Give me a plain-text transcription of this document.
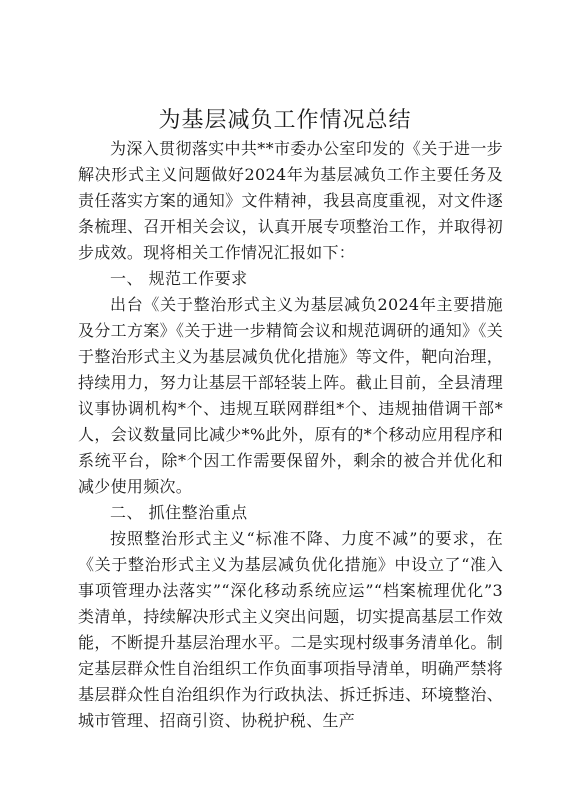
为基层减负工作情况总结

为深入贯彻落实中共**市委办公室印发的《关于进一步解决形式主义问题做好2024年为基层减负工作主要任务及责任落实方案的通知》文件精神，我县高度重视，对文件逐条梳理、召开相关会议，认真开展专项整治工作，并取得初步成效。现将相关工作情况汇报如下：

一、 规范工作要求

出台《关于整治形式主义为基层减负2024年主要措施及分工方案》《关于进一步精简会议和规范调研的通知》《关于整治形式主义为基层减负优化措施》等文件，靶向治理，持续用力，努力让基层干部轻装上阵。截止目前，全县清理议事协调机构*个、违规互联网群组*个、违规抽借调干部*人，会议数量同比减少*%此外，原有的*个移动应用程序和系统平台，除*个因工作需要保留外，剩余的被合并优化和减少使用频次。

二、 抓住整治重点

按照整治形式主义“标准不降、力度不减”的要求，在《关于整治形式主义为基层减负优化措施》中设立了“准入事项管理办法落实”“深化移动系统应运”“档案梳理优化”3类清单，持续解决形式主义突出问题，切实提高基层工作效能，不断提升基层治理水平。二是实现村级事务清单化。制定基层群众性自治组织工作负面事项指导清单，明确严禁将基层群众性自治组织作为行政执法、拆迁拆违、环境整治、城市管理、招商引资、协税护税、生产
